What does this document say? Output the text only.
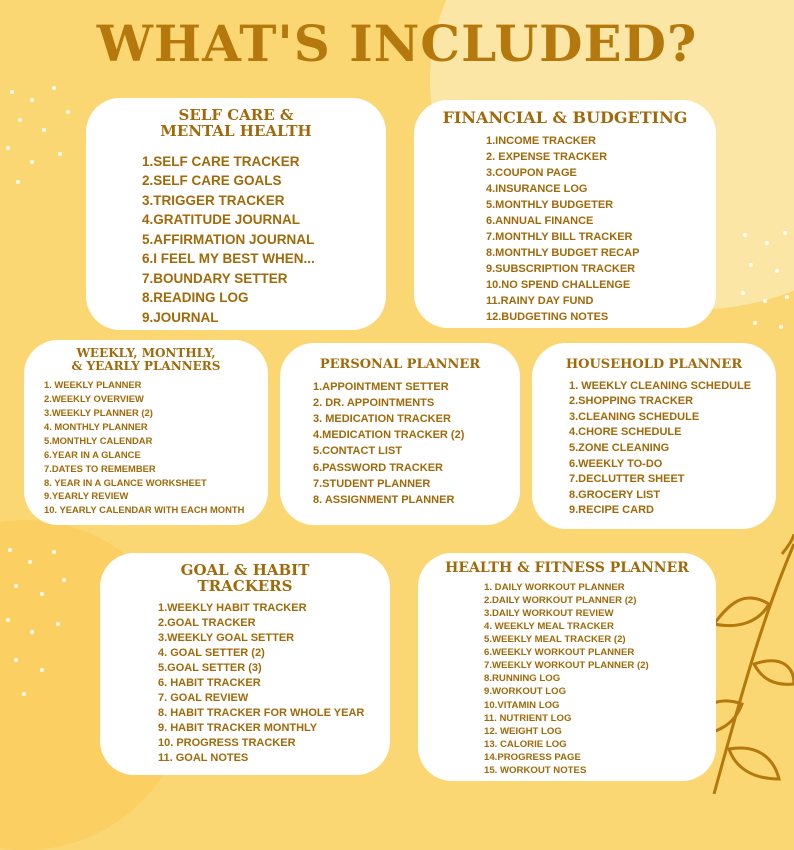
WHAT'S INCLUDED?
SELF CARE &
MENTAL HEALTH
1.SELF CARE TRACKER
2.SELF CARE GOALS
3.TRIGGER TRACKER
4.GRATITUDE JOURNAL
5.AFFIRMATION JOURNAL
6.I FEEL MY BEST WHEN...
7.BOUNDARY SETTER
8.READING LOG
9.JOURNAL
FINANCIAL & BUDGETING
1.INCOME TRACKER
2. EXPENSE TRACKER
3.COUPON PAGE
4.INSURANCE LOG
5.MONTHLY BUDGETER
6.ANNUAL FINANCE
7.MONTHLY BILL TRACKER
8.MONTHLY BUDGET RECAP
9.SUBSCRIPTION TRACKER
10.NO SPEND CHALLENGE
11.RAINY DAY FUND
12.BUDGETING NOTES
WEEKLY, MONTHLY,
& YEARLY PLANNERS
1. WEEKLY PLANNER
2.WEEKLY OVERVIEW
3.WEEKLY PLANNER (2)
4. MONTHLY PLANNER
5.MONTHLY CALENDAR
6.YEAR IN A GLANCE
7.DATES TO REMEMBER
8. YEAR IN A GLANCE WORKSHEET
9.YEARLY REVIEW
10. YEARLY CALENDAR WITH EACH MONTH
PERSONAL PLANNER
1.APPOINTMENT SETTER
2. DR. APPOINTMENTS
3. MEDICATION TRACKER
4.MEDICATION TRACKER (2)
5.CONTACT LIST
6.PASSWORD TRACKER
7.STUDENT PLANNER
8. ASSIGNMENT PLANNER
HOUSEHOLD PLANNER
1. WEEKLY CLEANING SCHEDULE
2.SHOPPING TRACKER
3.CLEANING SCHEDULE
4.CHORE SCHEDULE
5.ZONE CLEANING
6.WEEKLY TO-DO
7.DECLUTTER SHEET
8.GROCERY LIST
9.RECIPE CARD
GOAL & HABIT
TRACKERS
1.WEEKLY HABIT TRACKER
2.GOAL TRACKER
3.WEEKLY GOAL SETTER
4. GOAL SETTER (2)
5.GOAL SETTER (3)
6. HABIT TRACKER
7. GOAL REVIEW
8. HABIT TRACKER FOR WHOLE YEAR
9. HABIT TRACKER MONTHLY
10. PROGRESS TRACKER
11. GOAL NOTES
HEALTH & FITNESS PLANNER
1. DAILY WORKOUT PLANNER
2.DAILY WORKOUT PLANNER (2)
3.DAILY WORKOUT REVIEW
4. WEEKLY MEAL TRACKER
5.WEEKLY MEAL TRACKER (2)
6.WEEKLY WORKOUT PLANNER
7.WEEKLY WORKOUT PLANNER (2)
8.RUNNING LOG
9.WORKOUT LOG
10.VITAMIN LOG
11. NUTRIENT LOG
12. WEIGHT LOG
13. CALORIE LOG
14.PROGRESS PAGE
15. WORKOUT NOTES
